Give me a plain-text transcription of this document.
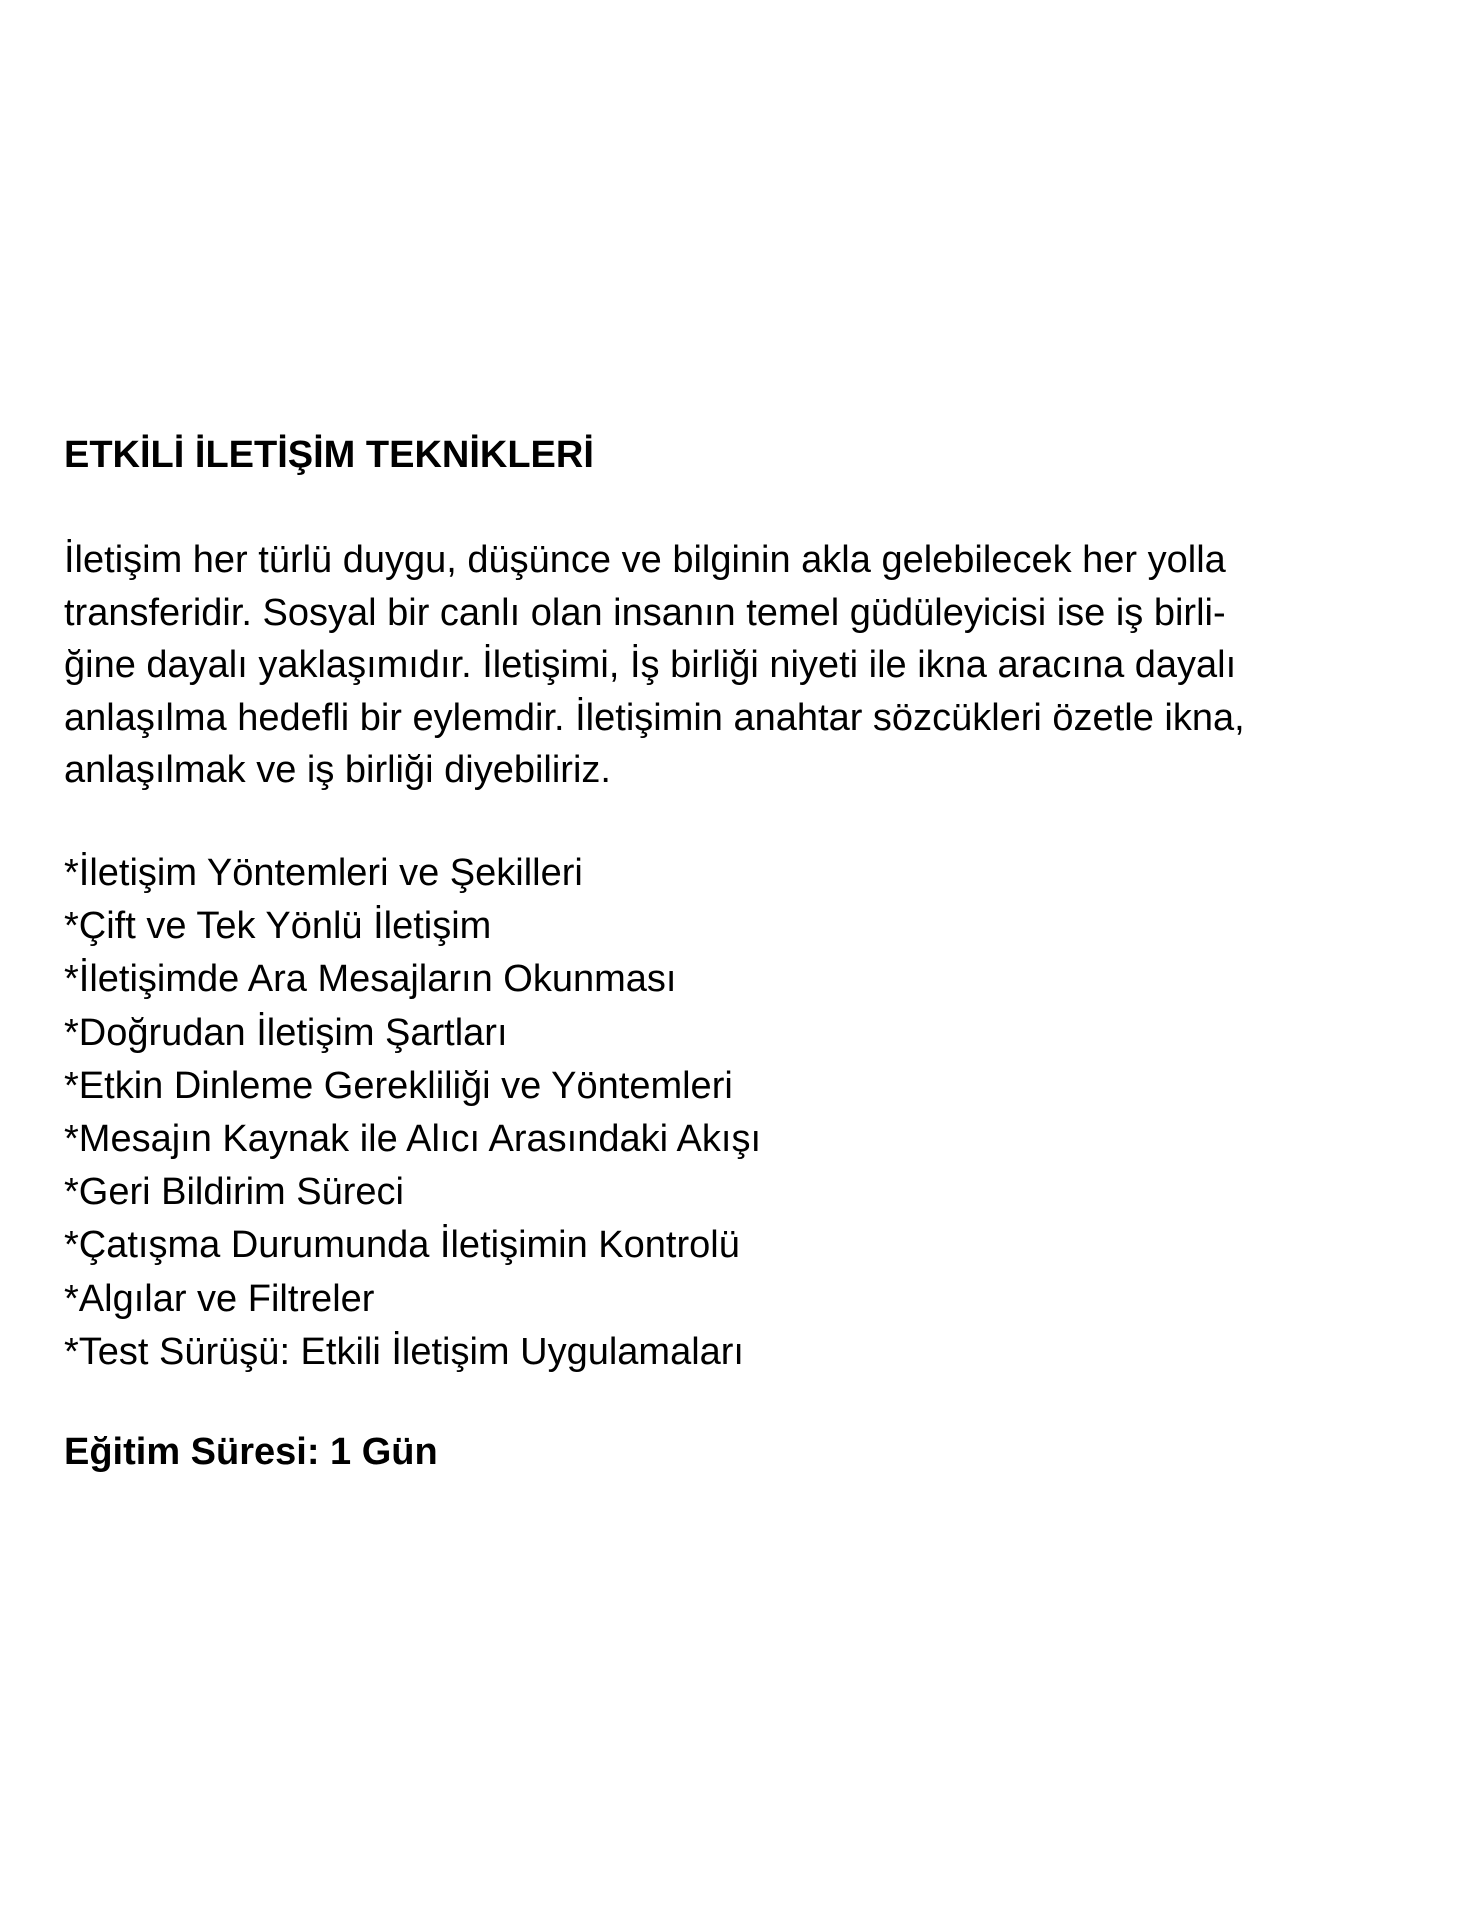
ETKİLİ İLETİŞİM TEKNİKLERİ

İletişim her türlü duygu, düşünce ve bilginin akla gelebilecek her yolla
transferidir. Sosyal bir canlı olan insanın temel güdüleyicisi ise iş birli-
ğine dayalı yaklaşımıdır. İletişimi, İş birliği niyeti ile ikna aracına dayalı
anlaşılma hedefli bir eylemdir. İletişimin anahtar sözcükleri özetle ikna,
anlaşılmak ve iş birliği diyebiliriz.

*İletişim Yöntemleri ve Şekilleri
*Çift ve Tek Yönlü İletişim
*İletişimde Ara Mesajların Okunması
*Doğrudan İletişim Şartları
*Etkin Dinleme Gerekliliği ve Yöntemleri
*Mesajın Kaynak ile Alıcı Arasındaki Akışı
*Geri Bildirim Süreci
*Çatışma Durumunda İletişimin Kontrolü
*Algılar ve Filtreler
*Test Sürüşü: Etkili İletişim Uygulamaları

Eğitim Süresi: 1 Gün
